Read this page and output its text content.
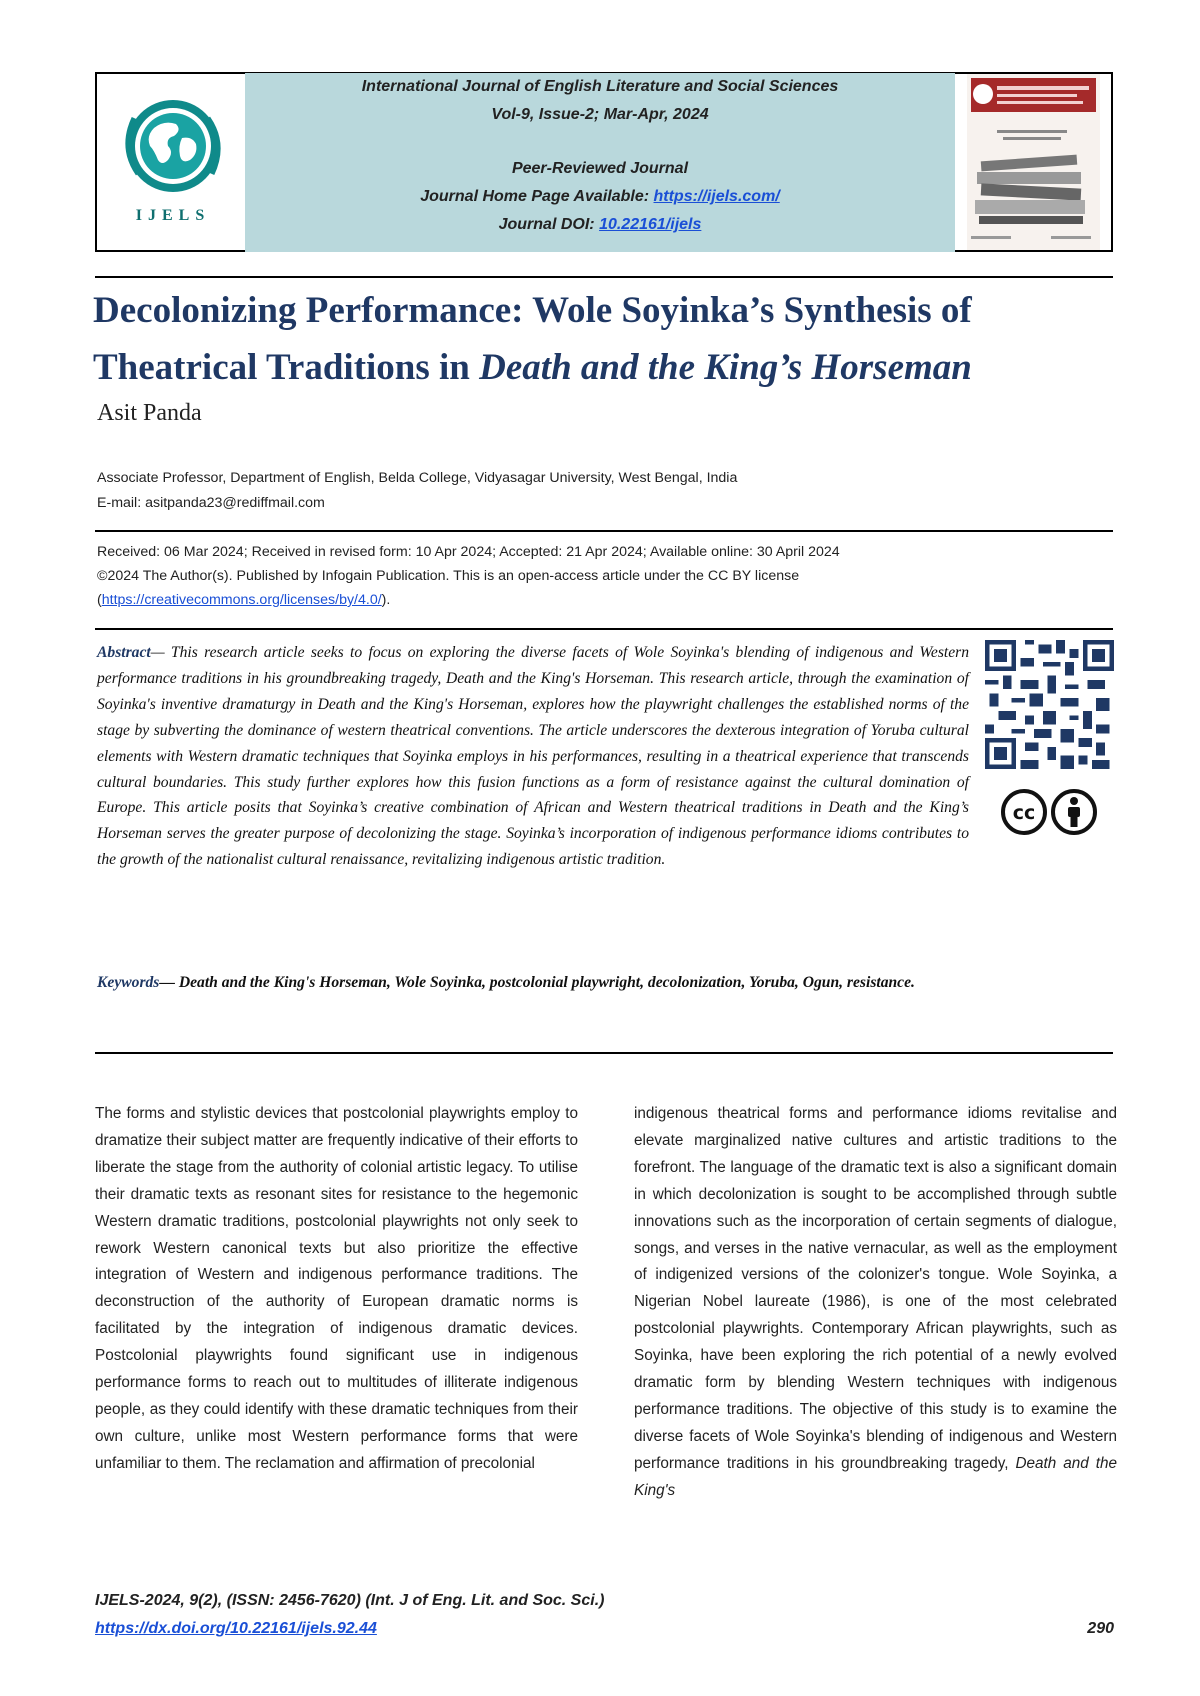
IJELS
International Journal of English Literature and Social Sciences
Vol-9, Issue-2; Mar-Apr, 2024
Peer-Reviewed Journal
Journal Home Page Available: https://ijels.com/
Journal DOI: 10.22161/ijels
Decolonizing Performance: Wole Soyinka’s Synthesis of
Theatrical Traditions in Death and the King’s Horseman
Asit Panda
Associate Professor, Department of English, Belda College, Vidyasagar University, West Bengal, India
E-mail: asitpanda23@rediffmail.com
Received: 06 Mar 2024; Received in revised form: 10 Apr 2024; Accepted: 21 Apr 2024; Available online: 30 April 2024
©2024 The Author(s). Published by Infogain Publication. This is an open-access article under the CC BY license
(https://creativecommons.org/licenses/by/4.0/).

Abstract— This research article seeks to focus on exploring the diverse facets of Wole Soyinka's blending of indigenous and Western performance traditions in his groundbreaking tragedy, Death and the King's Horseman. This research article, through the examination of Soyinka's inventive dramaturgy in Death and the King's Horseman, explores how the playwright challenges the established norms of the stage by subverting the dominance of western theatrical conventions. The article underscores the dexterous integration of Yoruba cultural elements with Western dramatic techniques that Soyinka employs in his performances, resulting in a theatrical experience that transcends cultural boundaries. This study further explores how this fusion functions as a form of resistance against the cultural domination of Europe. This article posits that Soyinka’s creative combination of African and Western theatrical traditions in Death and the King’s Horseman serves the greater purpose of decolonizing the stage. Soyinka’s incorporation of indigenous performance idioms contributes to the growth of the nationalist cultural renaissance, revitalizing indigenous artistic tradition.

Keywords— Death and the King's Horseman, Wole Soyinka, postcolonial playwright, decolonization, Yoruba, Ogun, resistance.

cc

The forms and stylistic devices that postcolonial playwrights employ to dramatize their subject matter are frequently indicative of their efforts to liberate the stage from the authority of colonial artistic legacy. To utilise their dramatic texts as resonant sites for resistance to the hegemonic Western dramatic traditions, postcolonial playwrights not only seek to rework Western canonical texts but also prioritize the effective integration of Western and indigenous performance traditions. The deconstruction of the authority of European dramatic norms is facilitated by the integration of indigenous dramatic devices. Postcolonial playwrights found significant use in indigenous performance forms to reach out to multitudes of illiterate indigenous people, as they could identify with these dramatic techniques from their own culture, unlike most Western performance forms that were unfamiliar to them. The reclamation and affirmation of precolonial

indigenous theatrical forms and performance idioms revitalise and elevate marginalized native cultures and artistic traditions to the forefront. The language of the dramatic text is also a significant domain in which decolonization is sought to be accomplished through subtle innovations such as the incorporation of certain segments of dialogue, songs, and verses in the native vernacular, as well as the employment of indigenized versions of the colonizer's tongue. Wole Soyinka, a Nigerian Nobel laureate (1986), is one of the most celebrated postcolonial playwrights. Contemporary African playwrights, such as Soyinka, have been exploring the rich potential of a newly evolved dramatic form by blending Western techniques with indigenous performance traditions. The objective of this study is to examine the diverse facets of Wole Soyinka's blending of indigenous and Western performance traditions in his groundbreaking tragedy, Death and the King's

IJELS-2024, 9(2), (ISSN: 2456-7620) (Int. J of Eng. Lit. and Soc. Sci.)
https://dx.doi.org/10.22161/ijels.92.44	290
